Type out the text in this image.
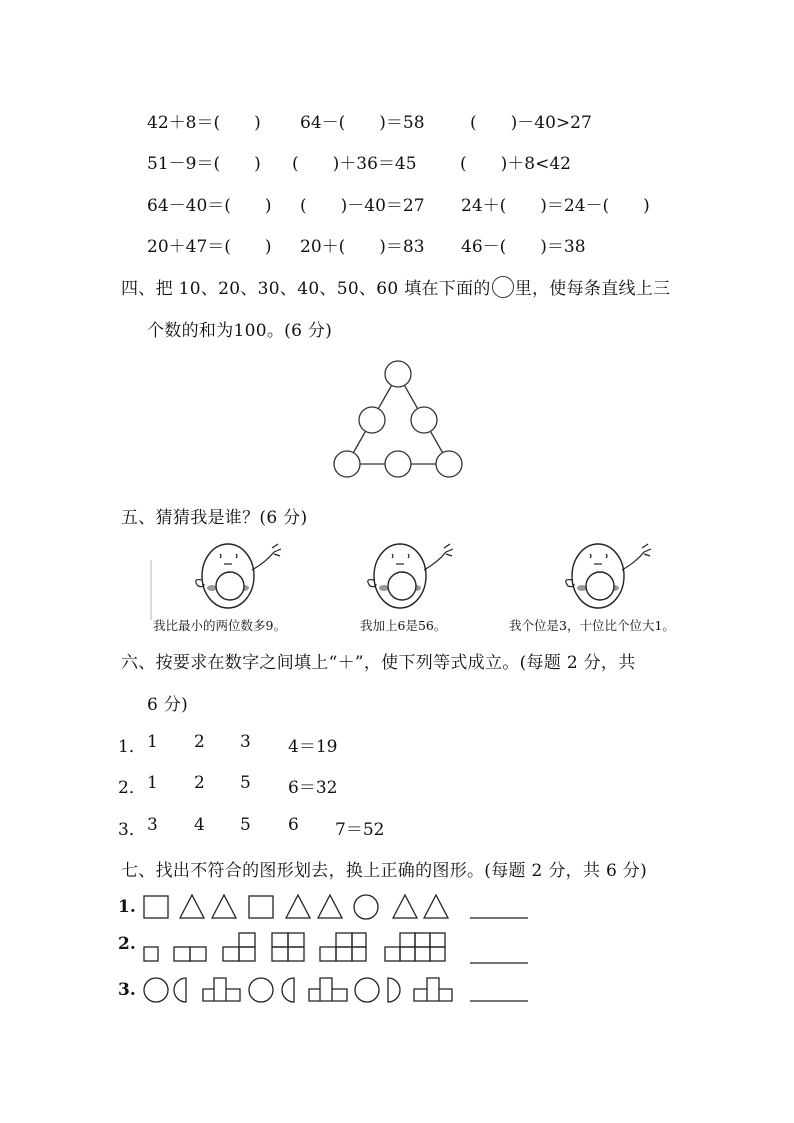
42＋8＝(　　) 64－(　　)＝58	(　　)－40>27
51－9＝(　　) (　　)＋36＝45	(　　)＋8<42
64－40＝(　　) (　　)－40＝27 24＋(　　)＝24－(　　)
20＋47＝(　　) 20＋(　　)＝83 46－(　　)＝38
四、把 10、20、30、40、50、60 填在下面的 里，使每条直线上三
个数的和为100。(6 分)
五、猜猜我是谁？(6 分)
我比最小的两位数多9。	我加上6是56。	我个位是3，十位比个位大1。
六、按要求在数字之间填上“＋”，使下列等式成立。(每题 2 分，共
6 分)
1． 1 2 3 4＝19
2． 1 2 5 6＝32
3． 3 4 5 6 7＝52
七、找出不符合的图形划去，换上正确的图形。(每题 2 分，共 6 分)
1.
2.
3.
